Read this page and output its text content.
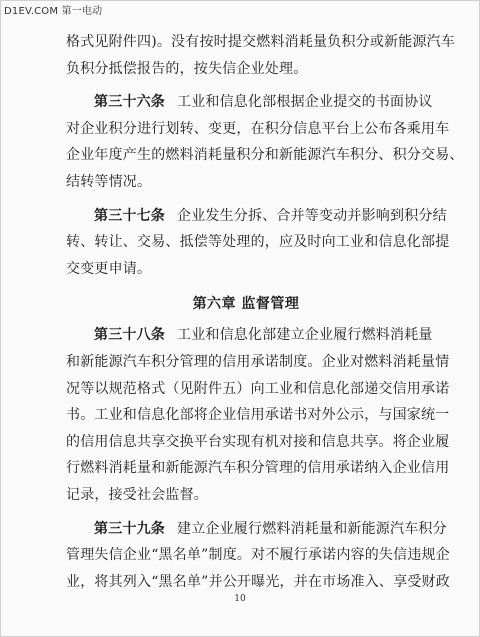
D1EV.COM 第一电动
格式见附件四)。没有按时提交燃料消耗量负积分或新能源汽车
负积分抵偿报告的，按失信企业处理。
第三十六条 工业和信息化部根据企业提交的书面协议
对企业积分进行划转、变更，在积分信息平台上公布各乘用车
企业年度产生的燃料消耗量积分和新能源汽车积分、积分交易、
结转等情况。
第三十七条 企业发生分拆、合并等变动并影响到积分结
转、转让、交易、抵偿等处理的，应及时向工业和信息化部提
交变更申请。
第六章 监督管理
第三十八条 工业和信息化部建立企业履行燃料消耗量
和新能源汽车积分管理的信用承诺制度。企业对燃料消耗量情
况等以规范格式（见附件五）向工业和信息化部递交信用承诺
书。工业和信息化部将企业信用承诺书对外公示，与国家统一
的信用信息共享交换平台实现有机对接和信息共享。将企业履
行燃料消耗量和新能源汽车积分管理的信用承诺纳入企业信用
记录，接受社会监督。
第三十九条 建立企业履行燃料消耗量和新能源汽车积分
管理失信企业“黑名单”制度。对不履行承诺内容的失信违规企
业，将其列入“黑名单”并公开曝光，并在市场准入、享受财政
10
